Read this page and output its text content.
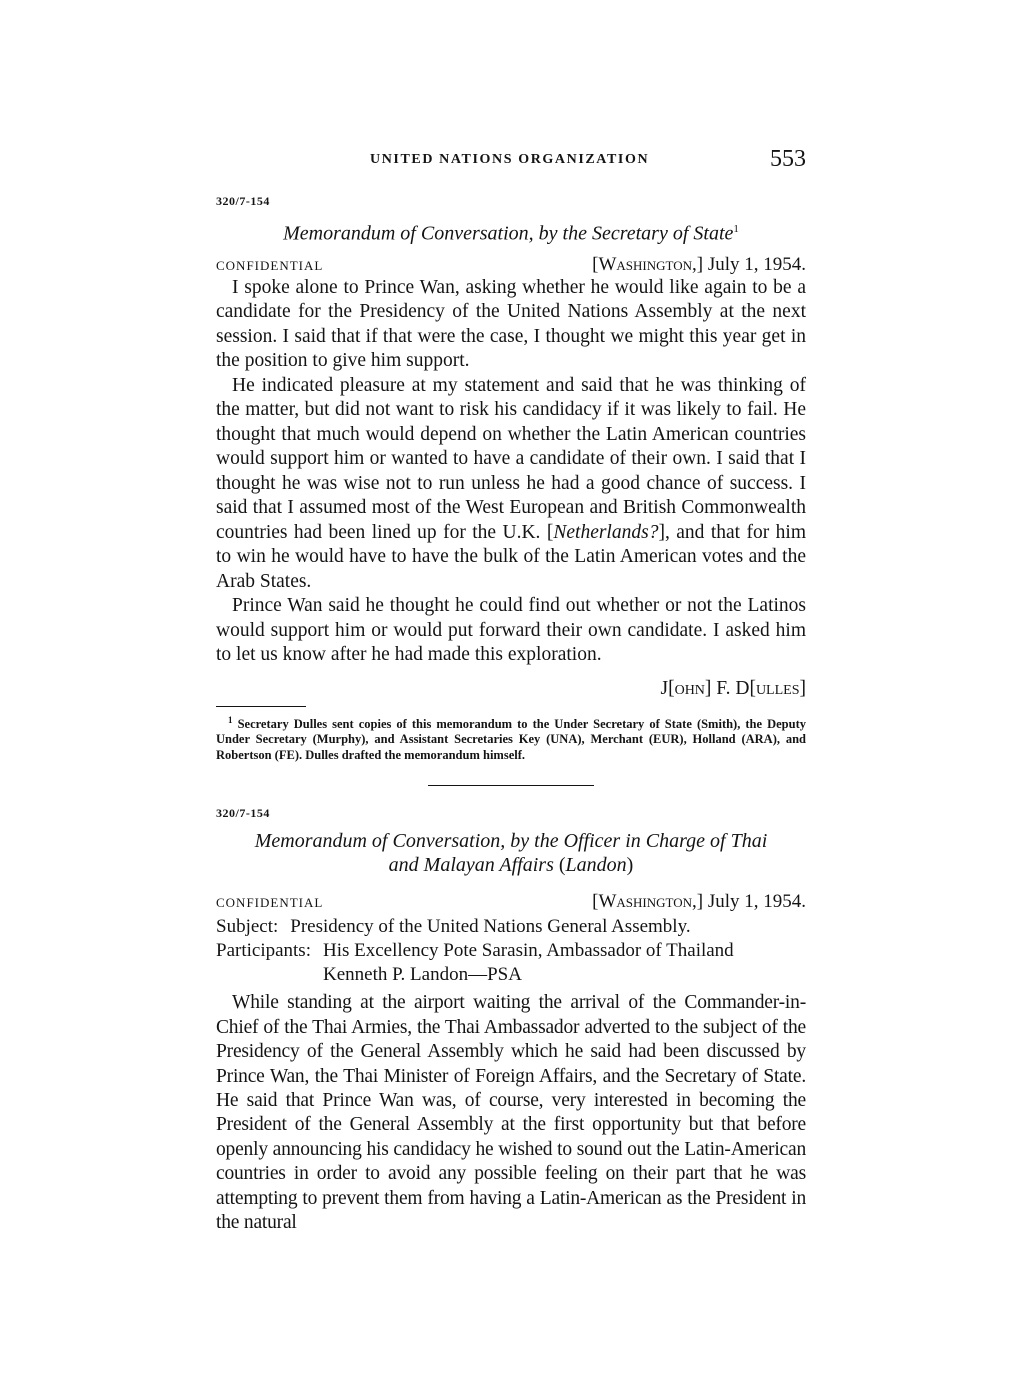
UNITED NATIONS ORGANIZATION	553
320/7-154
Memorandum of Conversation, by the Secretary of State$^1$
CONFIDENTIAL	[Washington,] July 1, 1954.

I spoke alone to Prince Wan, asking whether he would like again to be a candidate for the Presidency of the United Nations Assembly at the next session. I said that if that were the case, I thought we might this year get in the position to give him support.

He indicated pleasure at my statement and said that he was thinking of the matter, but did not want to risk his candidacy if it was likely to fail. He thought that much would depend on whether the Latin American countries would support him or wanted to have a candidate of their own. I said that I thought he was wise not to run unless he had a good chance of success. I said that I assumed most of the West European and British Commonwealth countries had been lined up for the U.K. [Netherlands?], and that for him to win he would have to have the bulk of the Latin American votes and the Arab States.

Prince Wan said he thought he could find out whether or not the Latinos would support him or would put forward their own candidate. I asked him to let us know after he had made this exploration.

J[ohn] F. D[ulles]
$^1$ Secretary Dulles sent copies of this memorandum to the Under Secretary of State (Smith), the Deputy Under Secretary (Murphy), and Assistant Secretaries Key (UNA), Merchant (EUR), Holland (ARA), and Robertson (FE). Dulles drafted the memorandum himself.
320/7-154
Memorandum of Conversation, by the Officer in Charge of Thai
and Malayan Affairs (Landon)
CONFIDENTIAL	[Washington,] July 1, 1954.
Subject: Presidency of the United Nations General Assembly.
Participants: His Excellency Pote Sarasin, Ambassador of Thailand
Kenneth P. Landon—PSA

While standing at the airport waiting the arrival of the Commander-in-Chief of the Thai Armies, the Thai Ambassador adverted to the subject of the Presidency of the General Assembly which he said had been discussed by Prince Wan, the Thai Minister of Foreign Affairs, and the Secretary of State. He said that Prince Wan was, of course, very interested in becoming the President of the General Assembly at the first opportunity but that before openly announcing his candidacy he wished to sound out the Latin-American countries in order to avoid any possible feeling on their part that he was attempting to prevent them from having a Latin-American as the President in the natural
